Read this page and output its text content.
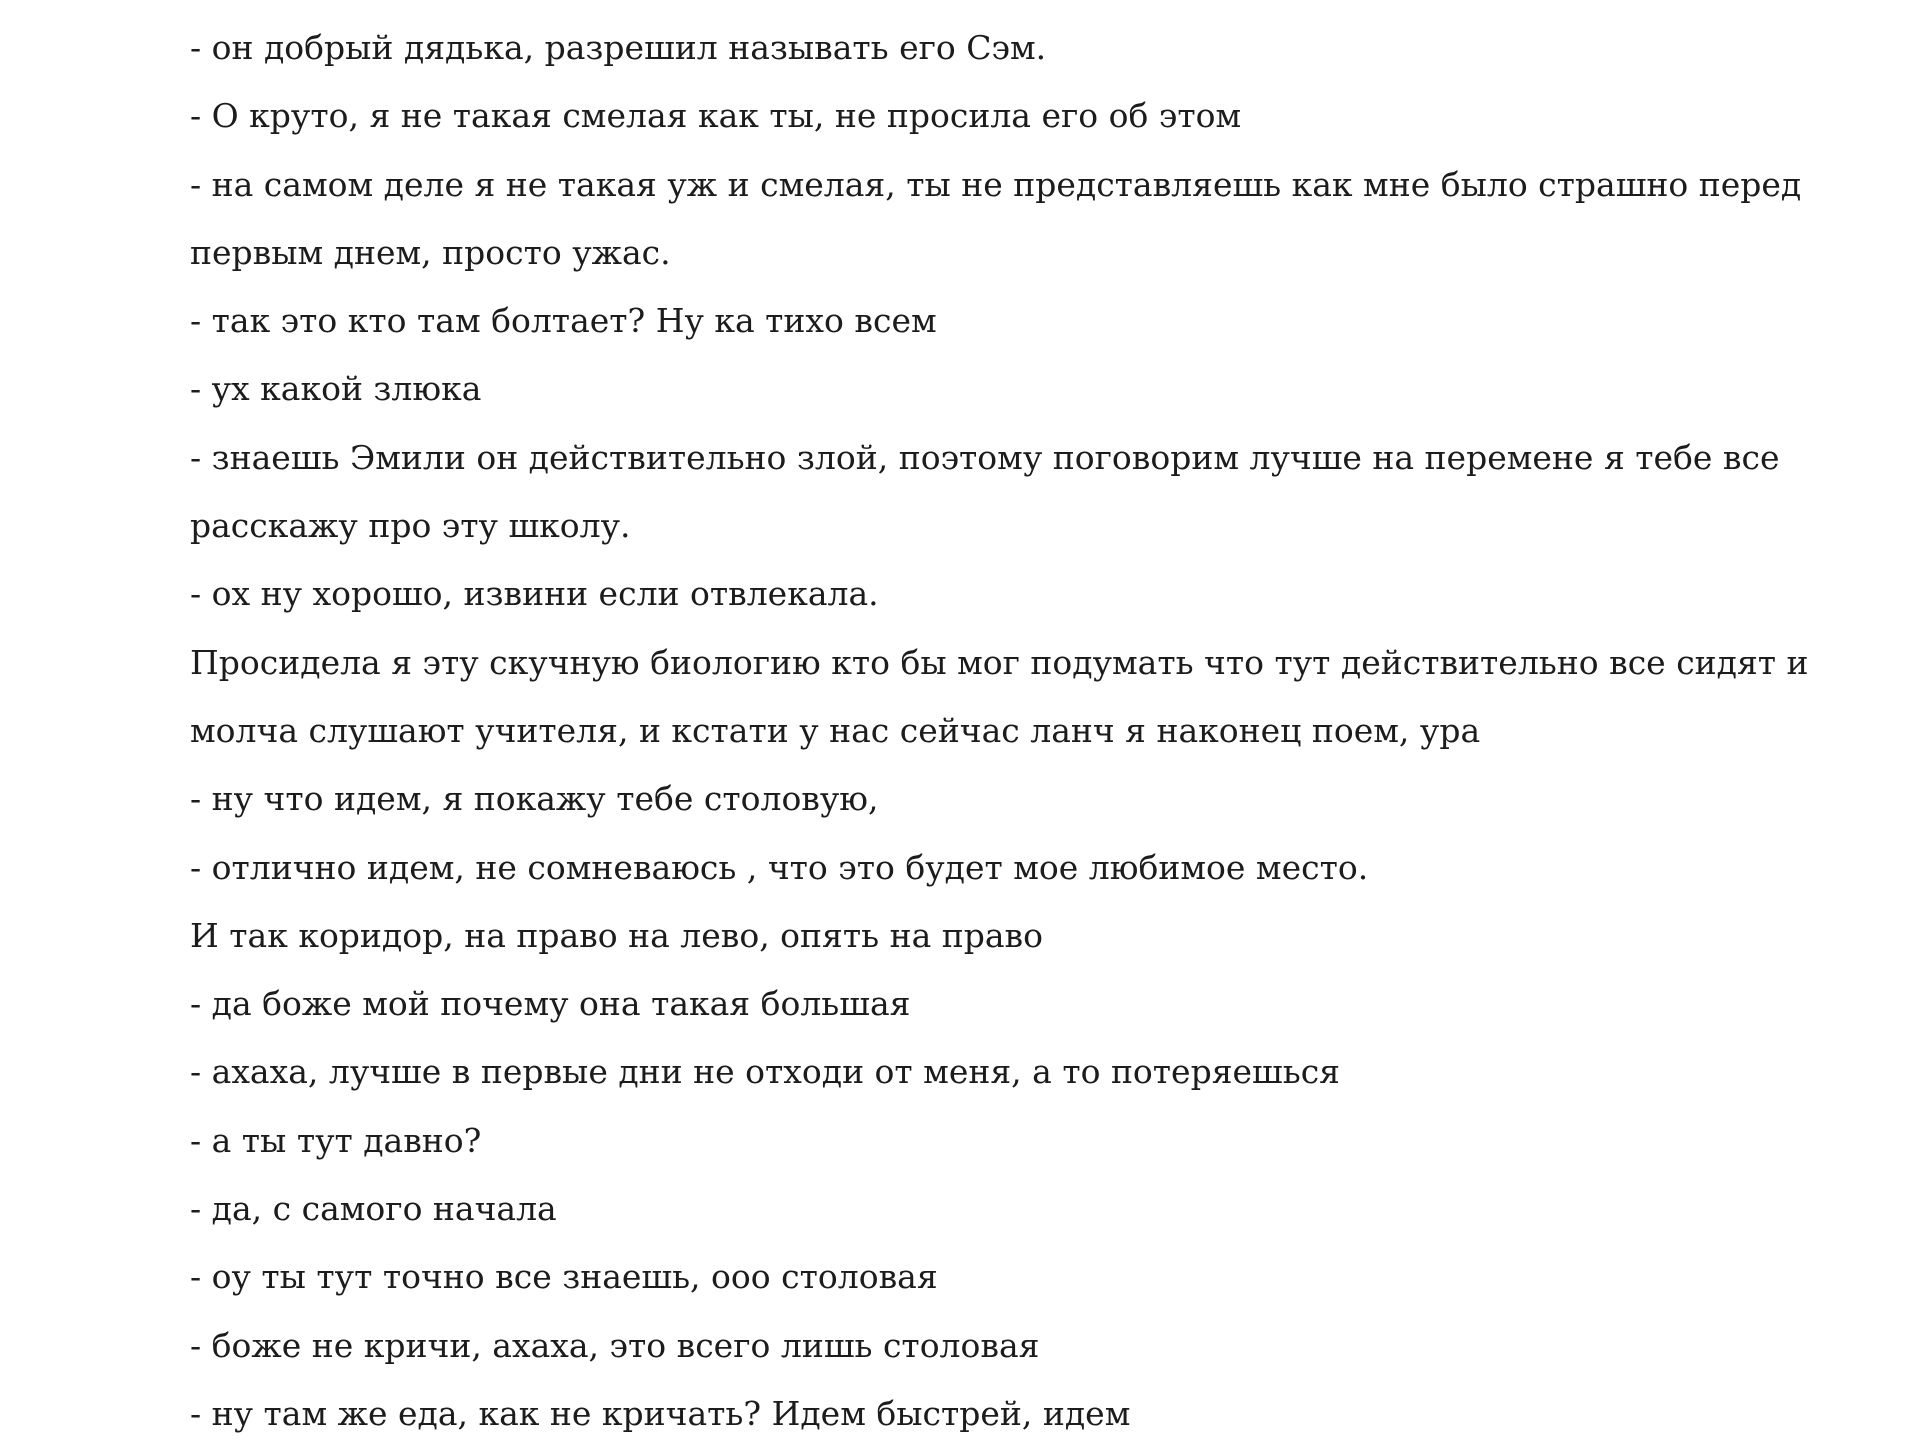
- он добрый дядька, разрешил называть его Сэм.

- О круто, я не такая смелая как ты, не просила его об этом

- на самом деле я не такая уж и смелая, ты не представляешь как мне было страшно перед

первым днем, просто ужас.

- так это кто там болтает? Ну ка тихо всем

- ух какой злюка

- знаешь Эмили он действительно злой, поэтому поговорим лучше на перемене я тебе все

расскажу про эту школу.

- ох ну хорошо, извини если отвлекала.

Просидела я эту скучную биологию кто бы мог подумать что тут действительно все сидят и

молча слушают учителя, и кстати у нас сейчас ланч я наконец поем, ура

- ну что идем, я покажу тебе столовую,

- отлично идем, не сомневаюсь , что это будет мое любимое место.

И так коридор, на право на лево, опять на право

- да боже мой почему она такая большая

- ахаха, лучше в первые дни не отходи от меня, а то потеряешься

- а ты тут давно?

- да, с самого начала

- оу ты тут точно все знаешь, ооо столовая

- боже не кричи, ахаха, это всего лишь столовая

- ну там же еда, как не кричать? Идем быстрей, идем
